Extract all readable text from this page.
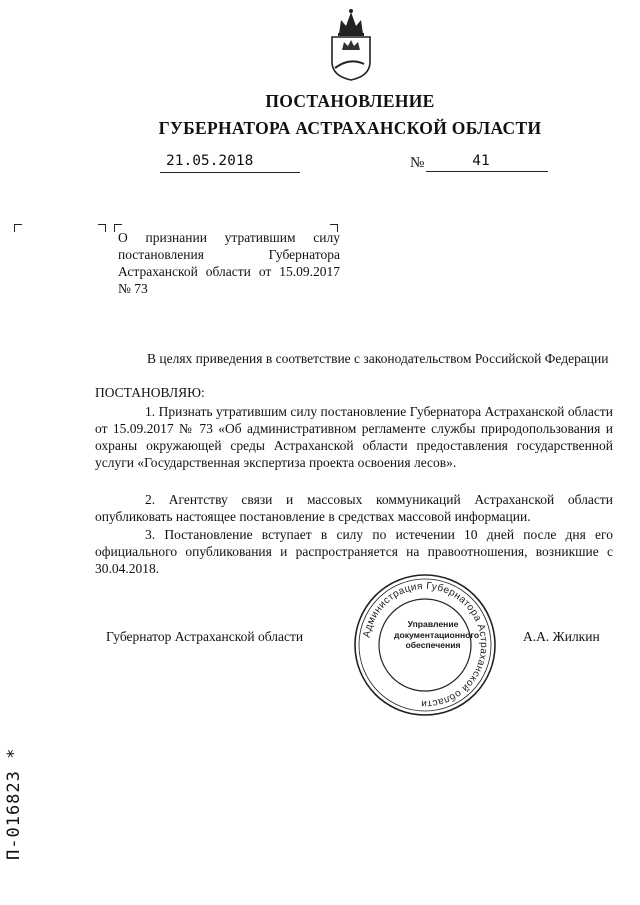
ПОСТАНОВЛЕНИЕ
ГУБЕРНАТОРА АСТРАХАНСКОЙ ОБЛАСТИ
21.05.2018	№	41
О признании утратившим силу постановления Губернатора Астраханской области от 15.09.2017 № 73
В целях приведения в соответствие с законодательством Российской Федерации
ПОСТАНОВЛЯЮ:
1. Признать утратившим силу постановление Губернатора Астраханской области от 15.09.2017 № 73 «Об административном регламенте службы природопользования и охраны окружающей среды Астраханской области предоставления государственной услуги «Государственная экспертиза проекта освоения лесов».
2. Агентству связи и массовых коммуникаций Астраханской области опубликовать настоящее постановление в средствах массовой информации.
3. Постановление вступает в силу по истечении 10 дней после дня его официального опубликования и распространяется на правоотношения, возникшие с 30.04.2018.
Губернатор Астраханской области	А.А. Жилкин
Администрация Губернатора Астраханской области
Управление
документационного
обеспечения
П-016823 *
